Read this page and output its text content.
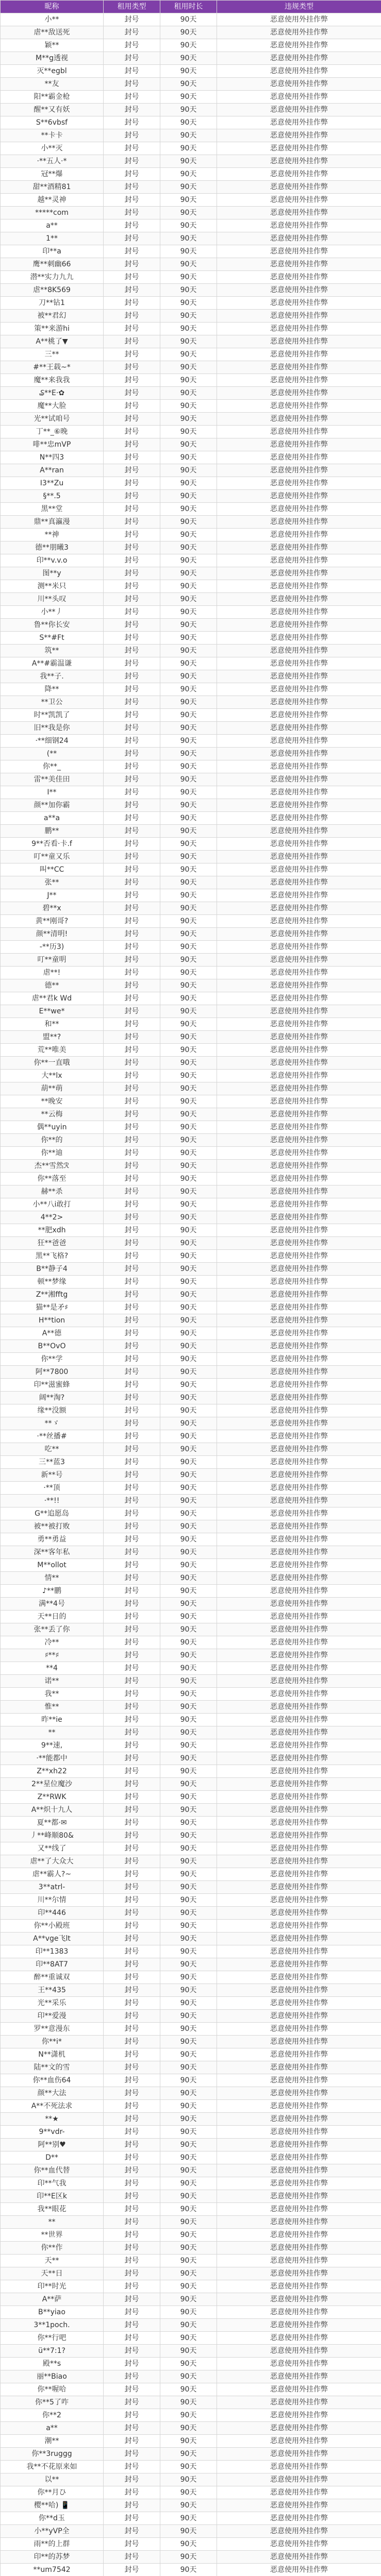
昵称	租用类型	租用时长	违规类型
小**	封号	90天	恶意使用外挂作弊
虐**敌送死	封号	90天	恶意使用外挂作弊
颖**	封号	90天	恶意使用外挂作弊
M**g透视	封号	90天	恶意使用外挂作弊
灭**egbl	封号	90天	恶意使用外挂作弊
**友	封号	90天	恶意使用外挂作弊
阳**霸金枪	封号	90天	恶意使用外挂作弊
醒**又有妖	封号	90天	恶意使用外挂作弊
S**6vbsf	封号	90天	恶意使用外挂作弊
**卡卡	封号	90天	恶意使用外挂作弊
小**灭	封号	90天	恶意使用外挂作弊
·**五人·*	封号	90天	恶意使用外挂作弊
冠**爆	封号	90天	恶意使用外挂作弊
甜**酒精81	封号	90天	恶意使用外挂作弊
越**灵神	封号	90天	恶意使用外挂作弊
*****com	封号	90天	恶意使用外挂作弊
a**	封号	90天	恶意使用外挂作弊
1**	封号	90天	恶意使用外挂作弊
印**a	封号	90天	恶意使用外挂作弊
鹰**刺幽66	封号	90天	恶意使用外挂作弊
潜**实力九九	封号	90天	恶意使用外挂作弊
虐**8K569	封号	90天	恶意使用外挂作弊
刀**钻1	封号	90天	恶意使用外挂作弊
被**君幻	封号	90天	恶意使用外挂作弊
策**来游hi	封号	90天	恶意使用外挂作弊
A**桃了▼	封号	90天	恶意使用外挂作弊
三**	封号	90天	恶意使用外挂作弊
#**王载~*	封号	90天	恶意使用外挂作弊
魔**来我我	封号	90天	恶意使用外挂作弊
₷**E·✿	封号	90天	恶意使用外挂作弊
魔**大脸	封号	90天	恶意使用外挂作弊
光**试咱号	封号	90天	恶意使用外挂作弊
丁**_⑥晚	封号	90天	恶意使用外挂作弊
啡**忠mVP	封号	90天	恶意使用外挂作弊
N**四3	封号	90天	恶意使用外挂作弊
A**ran	封号	90天	恶意使用外挂作弊
I3**Zu	封号	90天	恶意使用外挂作弊
§**.5	封号	90天	恶意使用外挂作弊
黑**堂	封号	90天	恶意使用外挂作弊
鼎**真瀛漫	封号	90天	恶意使用外挂作弊
**神	封号	90天	恶意使用外挂作弊
德**朋曦3	封号	90天	恶意使用外挂作弊
印**v.v.o	封号	90天	恶意使用外挂作弊
图**y	封号	90天	恶意使用外挂作弊
测**米只	封号	90天	恶意使用外挂作弊
川**头叹	封号	90天	恶意使用外挂作弊
小**丿	封号	90天	恶意使用外挂作弊
鲁**你长安	封号	90天	恶意使用外挂作弊
S**#Ft	封号	90天	恶意使用外挂作弊
筑**	封号	90天	恶意使用外挂作弊
A**#霸温谦	封号	90天	恶意使用外挂作弊
我**子.	封号	90天	恶意使用外挂作弊
降**	封号	90天	恶意使用外挂作弊
**卫公	封号	90天	恶意使用外挂作弊
时**凯凯了	封号	90天	恶意使用外挂作弊
旧**我是你	封号	90天	恶意使用外挂作弊
·**细钢24	封号	90天	恶意使用外挂作弊
(**	封号	90天	恶意使用外挂作弊
你**_	封号	90天	恶意使用外挂作弊
雷**美佳田	封号	90天	恶意使用外挂作弊
I**	封号	90天	恶意使用外挂作弊
颜**加你霸	封号	90天	恶意使用外挂作弊
a**a	封号	90天	恶意使用外挂作弊
鹏**	封号	90天	恶意使用外挂作弊
9**否看·卡.f	封号	90天	恶意使用外挂作弊
叮**童又乐	封号	90天	恶意使用外挂作弊
叫**CC	封号	90天	恶意使用外挂作弊
张**	封号	90天	恶意使用外挂作弊
J**	封号	90天	恶意使用外挂作弊
碧**x	封号	90天	恶意使用外挂作弊
黄**刚哥?	封号	90天	恶意使用外挂作弊
颜**清明!	封号	90天	恶意使用外挂作弊
-**历3)	封号	90天	恶意使用外挂作弊
叮**童明	封号	90天	恶意使用外挂作弊
虐**!	封号	90天	恶意使用外挂作弊
德**	封号	90天	恶意使用外挂作弊
虐**君k Wd	封号	90天	恶意使用外挂作弊
E**we*	封号	90天	恶意使用外挂作弊
和**	封号	90天	恶意使用外挂作弊
盟**?	封号	90天	恶意使用外挂作弊
荒**唯美	封号	90天	恶意使用外挂作弊
你**一直哦	封号	90天	恶意使用外挂作弊
大**lx	封号	90天	恶意使用外挂作弊
葫**萌	封号	90天	恶意使用外挂作弊
**晚安	封号	90天	恶意使用外挂作弊
**云梅	封号	90天	恶意使用外挂作弊
偶**uyin	封号	90天	恶意使用外挂作弊
你**的	封号	90天	恶意使用外挂作弊
你**迪	封号	90天	恶意使用外挂作弊
杰**雪然ℛ	封号	90天	恶意使用外挂作弊
你**落至	封号	90天	恶意使用外挂作弊
赫**杀	封号	90天	恶意使用外挂作弊
小**八i敢打	封号	90天	恶意使用外挂作弊
4**2>	封号	90天	恶意使用外挂作弊
**肥xdh	封号	90天	恶意使用外挂作弊
狂**爸爸	封号	90天	恶意使用外挂作弊
黑**飞格?	封号	90天	恶意使用外挂作弊
B**静子4	封号	90天	恶意使用外挂作弊
顿**梦缘	封号	90天	恶意使用外挂作弊
Z**湘fftg	封号	90天	恶意使用外挂作弊
猫**是矛♯	封号	90天	恶意使用外挂作弊
H**tion	封号	90天	恶意使用外挂作弊
A**德	封号	90天	恶意使用外挂作弊
B**OvO	封号	90天	恶意使用外挂作弊
你**学	封号	90天	恶意使用外挂作弊
阿**7800	封号	90天	恶意使用外挂作弊
印**滋蜜蜂	封号	90天	恶意使用外挂作弊
阔**淘?	封号	90天	恶意使用外挂作弊
缘**没额	封号	90天	恶意使用外挂作弊
**ゞ	封号	90天	恶意使用外挂作弊
·**丝播#	封号	90天	恶意使用外挂作弊
吃**	封号	90天	恶意使用外挂作弊
三**蓝3	封号	90天	恶意使用外挂作弊
新**号	封号	90天	恶意使用外挂作弊
·**顶	封号	90天	恶意使用外挂作弊
·**!!	封号	90天	恶意使用外挂作弊
G**追愿岛	封号	90天	恶意使用外挂作弊
被**被打败	封号	90天	恶意使用外挂作弊
勇**勇益	封号	90天	恶意使用外挂作弊
深**客年私	封号	90天	恶意使用外挂作弊
M**ollot	封号	90天	恶意使用外挂作弊
情**	封号	90天	恶意使用外挂作弊
♪**鹏	封号	90天	恶意使用外挂作弊
满**4号	封号	90天	恶意使用外挂作弊
天**日的	封号	90天	恶意使用外挂作弊
张**丢了你	封号	90天	恶意使用外挂作弊
冷**	封号	90天	恶意使用外挂作弊
♯**♯	封号	90天	恶意使用外挂作弊
**4	封号	90天	恶意使用外挂作弊
诺**	封号	90天	恶意使用外挂作弊
我**	封号	90天	恶意使用外挂作弊
惟**	封号	90天	恶意使用外挂作弊
昨**ie	封号	90天	恶意使用外挂作弊
**	封号	90天	恶意使用外挂作弊
9**速,	封号	90天	恶意使用外挂作弊
·**能都中	封号	90天	恶意使用外挂作弊
Z**xh22	封号	90天	恶意使用外挂作弊
2**星位魔沙	封号	90天	恶意使用外挂作弊
Z**RWK	封号	90天	恶意使用外挂作弊
A**炽十九人	封号	90天	恶意使用外挂作弊
夏**都·✉	封号	90天	恶意使用外挂作弊
丿**峰顺80&	封号	90天	恶意使用外挂作弊
又**线了	封号	90天	恶意使用外挂作弊
虐**了大众大	封号	90天	恶意使用外挂作弊
虐**霸人?~	封号	90天	恶意使用外挂作弊
3**atrl-	封号	90天	恶意使用外挂作弊
川**尔情	封号	90天	恶意使用外挂作弊
印**446	封号	90天	恶意使用外挂作弊
你**小殿班	封号	90天	恶意使用外挂作弊
A**vge飞lt	封号	90天	恶意使用外挂作弊
印**1383	封号	90天	恶意使用外挂作弊
印**8AT7	封号	90天	恶意使用外挂作弊
醉**重诚双	封号	90天	恶意使用外挂作弊
王**435	封号	90天	恶意使用外挂作弊
光**采乐	封号	90天	恶意使用外挂作弊
印**爱漫	封号	90天	恶意使用外挂作弊
罗**意漫东	封号	90天	恶意使用外挂作弊
你**i*	封号	90天	恶意使用外挂作弊
N**潇机	封号	90天	恶意使用外挂作弊
陆**文的雪	封号	90天	恶意使用外挂作弊
你**血伤64	封号	90天	恶意使用外挂作弊
颜**大法	封号	90天	恶意使用外挂作弊
A**不死法求	封号	90天	恶意使用外挂作弊
**★	封号	90天	恶意使用外挂作弊
9**vdr-	封号	90天	恶意使用外挂作弊
阿**别♥	封号	90天	恶意使用外挂作弊
D**	封号	90天	恶意使用外挂作弊
你**血代替	封号	90天	恶意使用外挂作弊
印**气我	封号	90天	恶意使用外挂作弊
印**E区k	封号	90天	恶意使用外挂作弊
我**眼花	封号	90天	恶意使用外挂作弊
**	封号	90天	恶意使用外挂作弊
**世界	封号	90天	恶意使用外挂作弊
你**作	封号	90天	恶意使用外挂作弊
天**	封号	90天	恶意使用外挂作弊
天**日	封号	90天	恶意使用外挂作弊
印**时光	封号	90天	恶意使用外挂作弊
A**萨	封号	90天	恶意使用外挂作弊
B**yiao	封号	90天	恶意使用外挂作弊
3**1poch.	封号	90天	恶意使用外挂作弊
你**行吧	封号	90天	恶意使用外挂作弊
ü**7:1?	封号	90天	恶意使用外挂作弊
殿**s	封号	90天	恶意使用外挂作弊
丽**Biao	封号	90天	恶意使用外挂作弊
你**喔哈	封号	90天	恶意使用外挂作弊
你**5了咋	封号	90天	恶意使用外挂作弊
你**2	封号	90天	恶意使用外挂作弊
a**	封号	90天	恶意使用外挂作弊
潮**	封号	90天	恶意使用外挂作弊
你**3ruggg	封号	90天	恶意使用外挂作弊
我**不花原来如	封号	90天	恶意使用外挂作弊
以**	封号	90天	恶意使用外挂作弊
你**月ひ	封号	90天	恶意使用外挂作弊
樱**哈) 📱	封号	90天	恶意使用外挂作弊
你**d玉	封号	90天	恶意使用外挂作弊
小**yVP全	封号	90天	恶意使用外挂作弊
雨**的上群	封号	90天	恶意使用外挂作弊
印**的苏梦	封号	90天	恶意使用外挂作弊
**um7542	封号	90天	恶意使用外挂作弊
